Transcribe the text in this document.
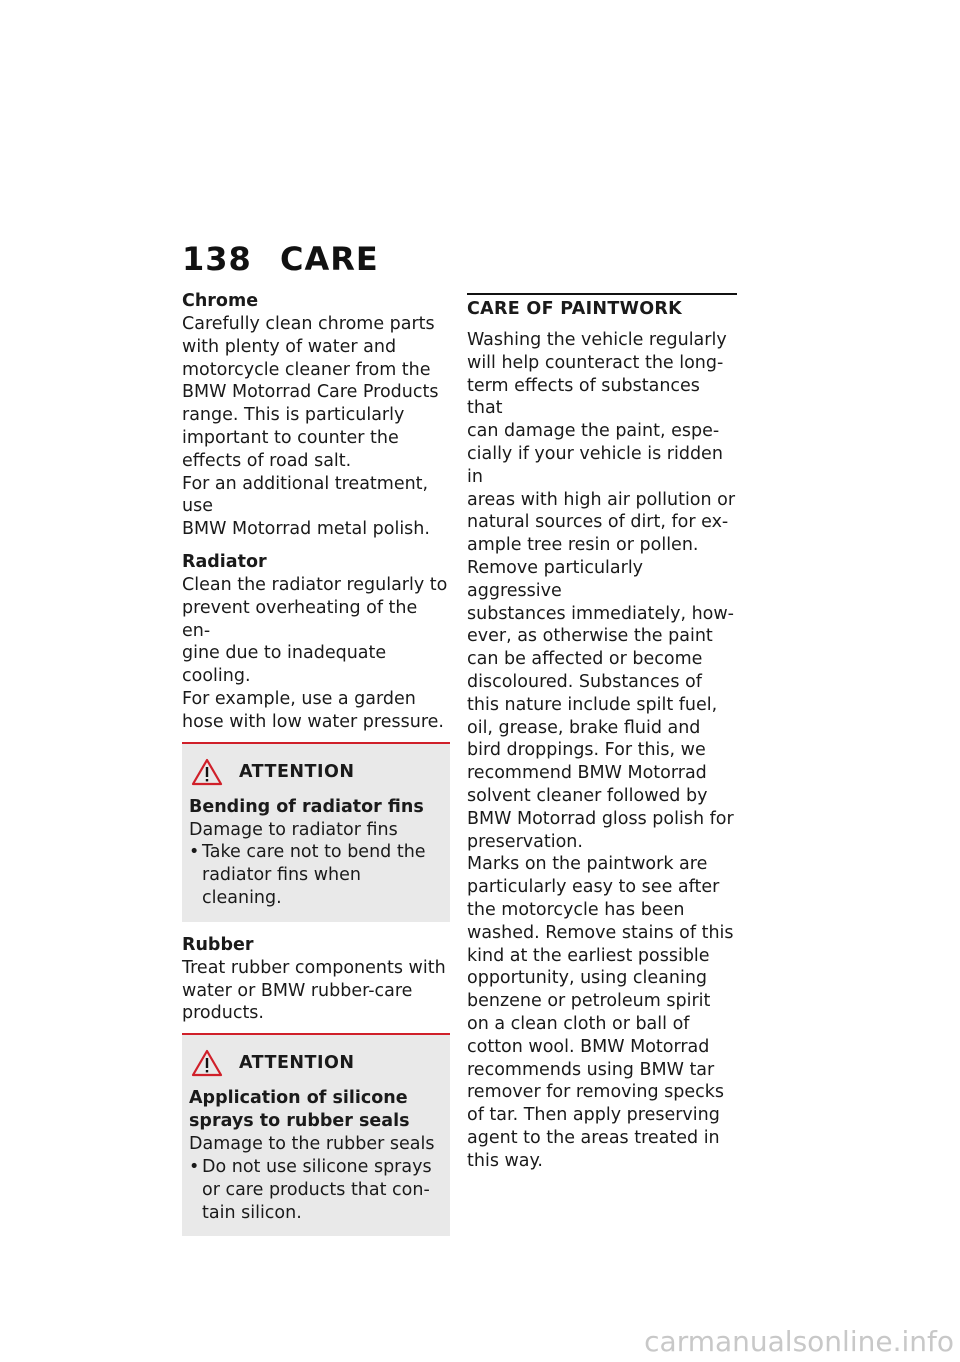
138 CARE
Chrome

Carefully clean chrome parts
with plenty of water and
motorcycle cleaner from the
BMW Motorrad Care Products
range. This is particularly
important to counter the
effects of road salt.

For an additional treatment, use
BMW Motorrad metal polish.

Radiator

Clean the radiator regularly to
prevent overheating of the en-
gine due to inadequate cooling.

For example, use a garden
hose with low water pressure.

ATTENTION
Bending of radiator fins

Damage to radiator fins

• Take care not to bend the
radiator fins when cleaning.
Rubber

Treat rubber components with
water or BMW rubber-care
products.

ATTENTION
Application of silicone
sprays to rubber seals

Damage to the rubber seals

• Do not use silicone sprays
or care products that con-
tain silicon.
CARE OF PAINTWORK

Washing the vehicle regularly
will help counteract the long-
term effects of substances that
can damage the paint, espe-
cially if your vehicle is ridden in
areas with high air pollution or
natural sources of dirt, for ex-
ample tree resin or pollen.

Remove particularly aggressive
substances immediately, how-
ever, as otherwise the paint
can be affected or become
discoloured. Substances of
this nature include spilt fuel,
oil, grease, brake fluid and
bird droppings. For this, we
recommend BMW Motorrad
solvent cleaner followed by
BMW Motorrad gloss polish for
preservation.

Marks on the paintwork are
particularly easy to see after
the motorcycle has been
washed. Remove stains of this
kind at the earliest possible
opportunity, using cleaning
benzene or petroleum spirit
on a clean cloth or ball of
cotton wool. BMW Motorrad
recommends using BMW tar
remover for removing specks
of tar. Then apply preserving
agent to the areas treated in
this way.

carmanualsonline.info
